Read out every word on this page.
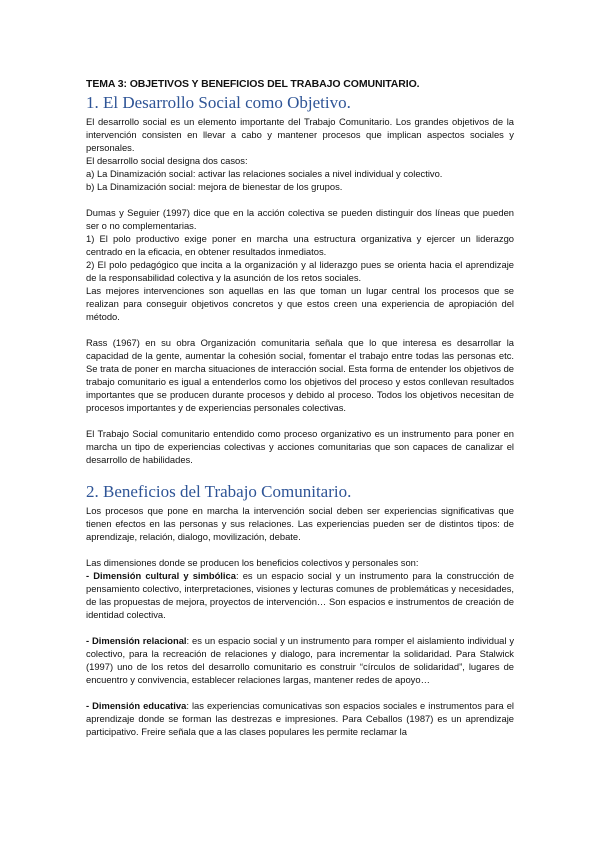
TEMA 3: OBJETIVOS Y BENEFICIOS DEL TRABAJO COMUNITARIO.
1. El Desarrollo Social como Objetivo.

El desarrollo social es un elemento importante del Trabajo Comunitario. Los grandes objetivos de la intervención consisten en llevar a cabo y mantener procesos que implican aspectos sociales y personales.

El desarrollo social designa dos casos:

a) La Dinamización social: activar las relaciones sociales a nivel individual y colectivo.

b) La Dinamización social: mejora de bienestar de los grupos.

Dumas y Seguier (1997) dice que en la acción colectiva se pueden distinguir dos líneas que pueden ser o no complementarias.

1) El polo productivo exige poner en marcha una estructura organizativa y ejercer un liderazgo centrado en la eficacia, en obtener resultados inmediatos.

2) El polo pedagógico que incita a la organización y al liderazgo pues se orienta hacia el aprendizaje de la responsabilidad colectiva y la asunción de los retos sociales.

Las mejores intervenciones son aquellas en las que toman un lugar central los procesos que se realizan para conseguir objetivos concretos y que estos creen una experiencia de apropiación del método.

Rass (1967) en su obra Organización comunitaria señala que lo que interesa es desarrollar la capacidad de la gente, aumentar la cohesión social, fomentar el trabajo entre todas las personas etc. Se trata de poner en marcha situaciones de interacción social. Esta forma de entender los objetivos de trabajo comunitario es igual a entenderlos como los objetivos del proceso y estos conllevan resultados importantes que se producen durante procesos y debido al proceso. Todos los objetivos necesitan de procesos importantes y de experiencias personales colectivas.

El Trabajo Social comunitario entendido como proceso organizativo es un instrumento para poner en marcha un tipo de experiencias colectivas y acciones comunitarias que son capaces de canalizar el desarrollo de habilidades.

2. Beneficios del Trabajo Comunitario.

Los procesos que pone en marcha la intervención social deben ser experiencias significativas que tienen efectos en las personas y sus relaciones. Las experiencias pueden ser de distintos tipos: de aprendizaje, relación, dialogo, movilización, debate.

Las dimensiones donde se producen los beneficios colectivos y personales son:

- Dimensión cultural y simbólica: es un espacio social y un instrumento para la construcción de pensamiento colectivo, interpretaciones, visiones y lecturas comunes de problemáticas y necesidades, de las propuestas de mejora, proyectos de intervención… Son espacios e instrumentos de creación de identidad colectiva.

- Dimensión relacional: es un espacio social y un instrumento para romper el aislamiento individual y colectivo, para la recreación de relaciones y dialogo, para incrementar la solidaridad. Para Stalwick (1997) uno de los retos del desarrollo comunitario es construir “círculos de solidaridad”, lugares de encuentro y convivencia, establecer relaciones largas, mantener redes de apoyo…

- Dimensión educativa: las experiencias comunicativas son espacios sociales e instrumentos para el aprendizaje donde se forman las destrezas e impresiones. Para Ceballos (1987) es un aprendizaje participativo. Freire señala que a las clases populares les permite reclamar la
